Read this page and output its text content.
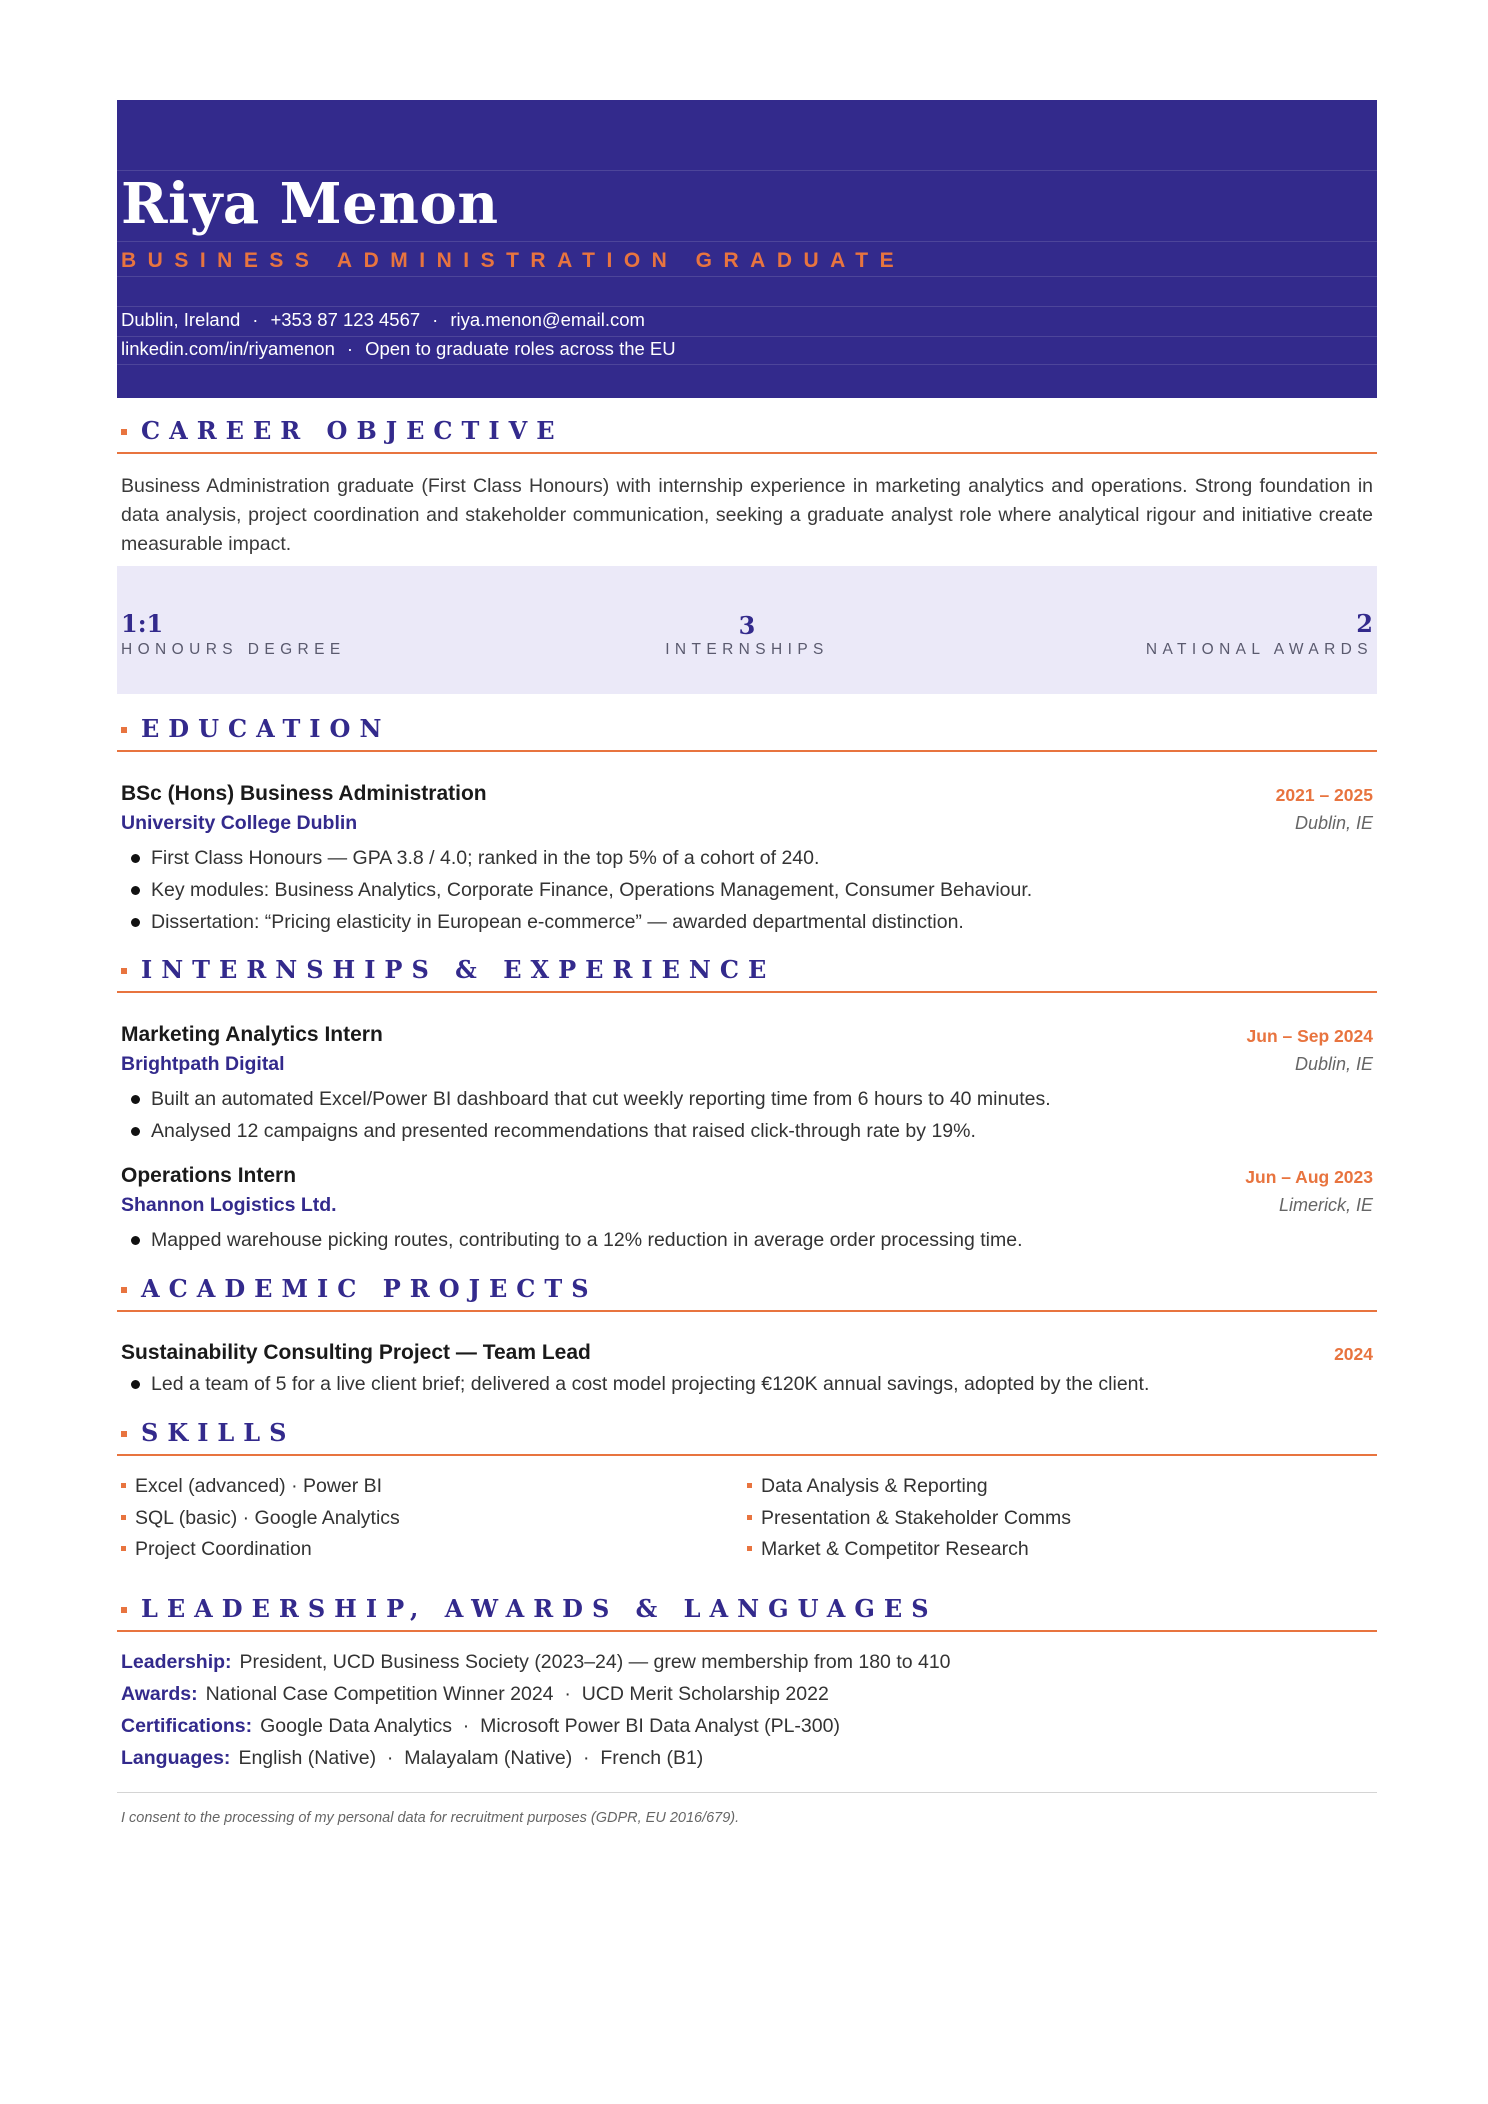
Riya Menon
BUSINESS ADMINISTRATION GRADUATE
Dublin, Ireland · +353 87 123 4567 · riya.menon@email.com
linkedin.com/in/riyamenon · Open to graduate roles across the EU
CAREER OBJECTIVE
Business Administration graduate (First Class Honours) with internship experience in marketing analytics and operations. Strong foundation in data analysis, project coordination and stakeholder communication, seeking a graduate analyst role where analytical rigour and initiative create measurable impact.
1:1
HONOURS DEGREE
3
INTERNSHIPS
2
NATIONAL AWARDS
EDUCATION
BSc (Hons) Business Administration	2021 – 2025
University College Dublin	Dublin, IE
First Class Honours — GPA 3.8 / 4.0; ranked in the top 5% of a cohort of 240.
Key modules: Business Analytics, Corporate Finance, Operations Management, Consumer Behaviour.
Dissertation: “Pricing elasticity in European e-commerce” — awarded departmental distinction.
INTERNSHIPS & EXPERIENCE
Marketing Analytics Intern	Jun – Sep 2024
Brightpath Digital	Dublin, IE
Built an automated Excel/Power BI dashboard that cut weekly reporting time from 6 hours to 40 minutes.
Analysed 12 campaigns and presented recommendations that raised click-through rate by 19%.
Operations Intern	Jun – Aug 2023
Shannon Logistics Ltd.	Limerick, IE
Mapped warehouse picking routes, contributing to a 12% reduction in average order processing time.
ACADEMIC PROJECTS
Sustainability Consulting Project — Team Lead	2024
Led a team of 5 for a live client brief; delivered a cost model projecting €120K annual savings, adopted by the client.
SKILLS
Excel (advanced) · Power BI	Data Analysis & Reporting
SQL (basic) · Google Analytics	Presentation & Stakeholder Comms
Project Coordination	Market & Competitor Research
LEADERSHIP, AWARDS & LANGUAGES
Leadership: President, UCD Business Society (2023–24) — grew membership from 180 to 410
Awards: National Case Competition Winner 2024  ·  UCD Merit Scholarship 2022
Certifications: Google Data Analytics  ·  Microsoft Power BI Data Analyst (PL-300)
Languages: English (Native)  ·  Malayalam (Native)  ·  French (B1)
I consent to the processing of my personal data for recruitment purposes (GDPR, EU 2016/679).
